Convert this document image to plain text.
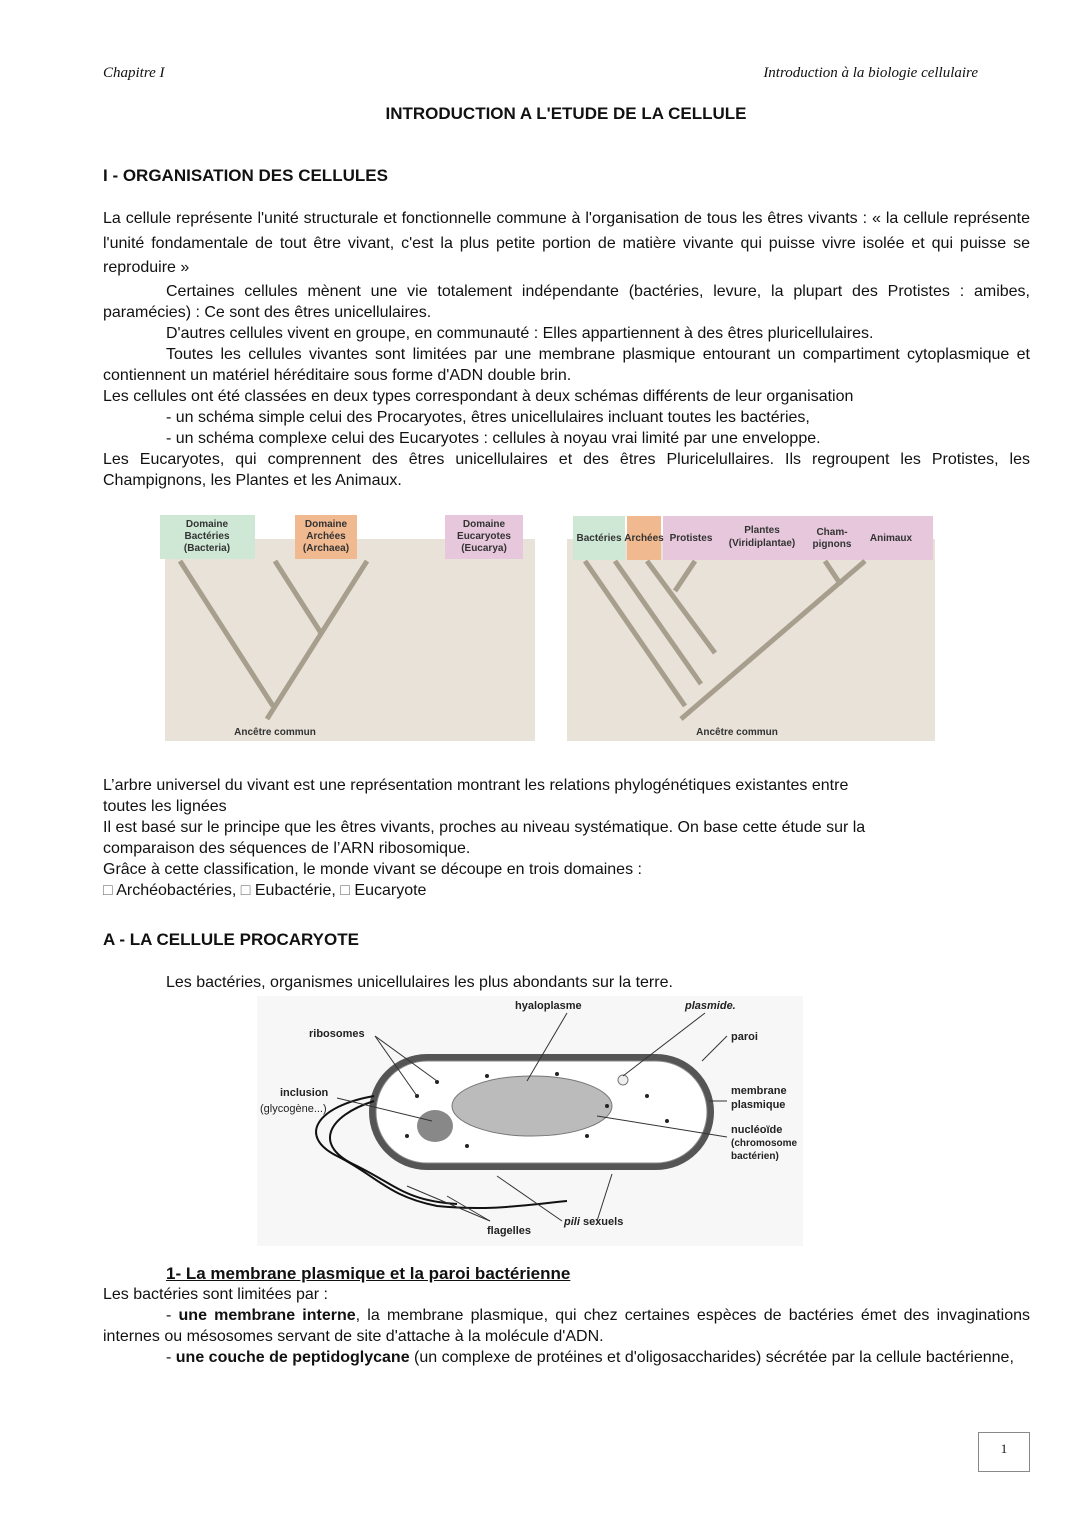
Chapitre I	Introduction à la biologie cellulaire
INTRODUCTION A L'ETUDE DE LA CELLULE
I - ORGANISATION DES CELLULES

La cellule représente l'unité structurale et fonctionnelle commune à l'organisation de tous les êtres vivants : « la cellule représente l'unité fondamentale de tout être vivant, c'est la plus petite portion de matière vivante qui puisse vivre isolée et qui puisse se reproduire »

Certaines cellules mènent une vie totalement indépendante (bactéries, levure, la plupart des Protistes : amibes, paramécies) : Ce sont des êtres unicellulaires.

D'autres cellules vivent en groupe, en communauté : Elles appartiennent à des êtres pluricellulaires.

Toutes les cellules vivantes sont limitées par une membrane plasmique entourant un compartiment cytoplasmique et contiennent un matériel héréditaire sous forme d'ADN double brin.

Les cellules ont été classées en deux types correspondant à deux schémas différents de leur organisation

- un schéma simple celui des Procaryotes, êtres unicellulaires incluant toutes les bactéries,

- un schéma complexe celui des Eucaryotes : cellules à noyau vrai limité par une enveloppe.

Les Eucaryotes, qui comprennent des êtres unicellulaires et des êtres Pluricelullaires. Ils regroupent les Protistes, les Champignons, les Plantes et les Animaux.

Domaine
Bactéries
(Bacteria)
Domaine
Archées
(Archaea)
Domaine
Eucaryotes
(Eucarya)
Ancêtre commun
Bactéries Archées Protistes
Plantes
(Viridiplantae)
Cham-
pignons
Animaux
Ancêtre commun

L’arbre universel du vivant est une représentation montrant les relations phylogénétiques existantes entre

toutes les lignées

Il est basé sur le principe que les êtres vivants, proches au niveau systématique. On base cette étude sur la

comparaison des séquences de l’ARN ribosomique.

Grâce à cette classification, le monde vivant se découpe en trois domaines :

□ Archéobactéries, □ Eubactérie, □ Eucaryote

A - LA CELLULE PROCARYOTE

Les bactéries, organismes unicellulaires les plus abondants sur la terre.

hyaloplasme	plasmide.
ribosomes	paroi
inclusion
(glycogène...)
membrane
plasmique
nucléoïde
(chromosome
bactérien)
flagelles
pili sexuels
1- La membrane plasmique et la paroi bactérienne

Les bactéries sont limitées par :

- une membrane interne, la membrane plasmique, qui chez certaines espèces de bactéries émet des invaginations internes ou mésosomes servant de site d'attache à la molécule d'ADN.

- une couche de peptidoglycane (un complexe de protéines et d'oligosaccharides) sécrétée par la cellule bactérienne,

1
